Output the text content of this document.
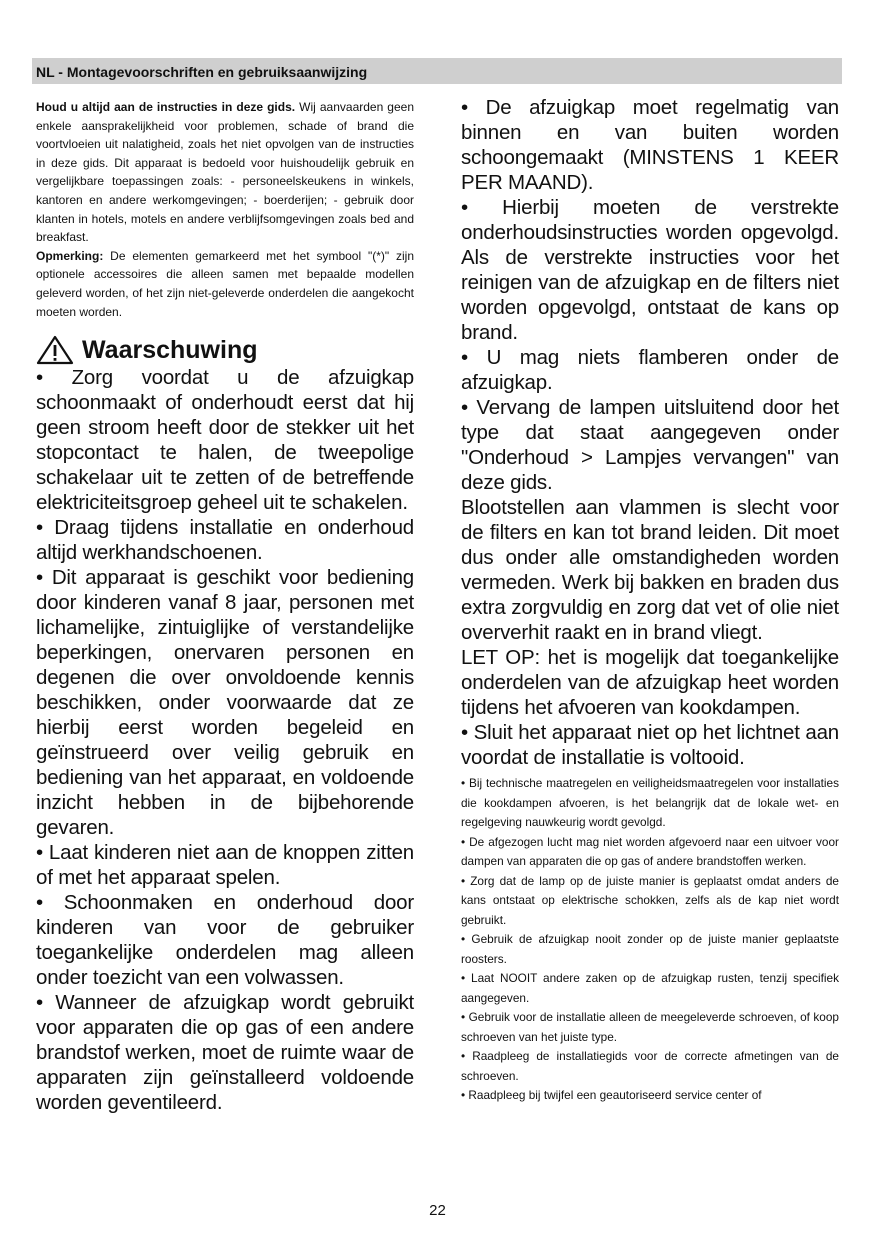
NL - Montagevoorschriften en gebruiksaanwijzing

Houd u altijd aan de instructies in deze gids. Wij aanvaarden geen enkele aansprakelijkheid voor problemen, schade of brand die voortvloeien uit nalatigheid, zoals het niet opvolgen van de instructies in deze gids. Dit apparaat is bedoeld voor huishoudelijk gebruik en vergelijkbare toepassingen zoals: - personeelskeukens in winkels, kantoren en andere werkomgevingen; - boerderijen; - gebruik door klanten in hotels, motels en andere verblijfsomgevingen zoals bed and breakfast.

Opmerking: De elementen gemarkeerd met het symbool "(*)" zijn optionele accessoires die alleen samen met bepaalde modellen geleverd worden, of het zijn niet-geleverde onderdelen die aangekocht moeten worden.

Waarschuwing

• Zorg voordat u de afzuigkap schoonmaakt of onderhoudt eerst dat hij geen stroom heeft door de stekker uit het stopcontact te halen, de tweepolige schakelaar uit te zetten of de betreffende elektriciteitsgroep geheel uit te schakelen.

• Draag tijdens installatie en onderhoud altijd werkhandschoenen.

• Dit apparaat is geschikt voor bediening door kinderen vanaf 8 jaar, personen met lichamelijke, zintuiglijke of verstandelijke beperkingen, onervaren personen en degenen die over onvoldoende kennis beschikken, onder voorwaarde dat ze hierbij eerst worden begeleid en geïnstrueerd over veilig gebruik en bediening van het apparaat, en voldoende inzicht hebben in de bijbehorende gevaren.

• Laat kinderen niet aan de knoppen zitten of met het apparaat spelen.

• Schoonmaken en onderhoud door kinderen van voor de gebruiker toegankelijke onderdelen mag alleen onder toezicht van een volwassen.

• Wanneer de afzuigkap wordt gebruikt voor apparaten die op gas of een andere brandstof werken, moet de ruimte waar de apparaten zijn geïnstalleerd voldoende worden geventileerd.

• De afzuigkap moet regelmatig van binnen en van buiten worden schoongemaakt (MINSTENS 1 KEER PER MAAND).

• Hierbij moeten de verstrekte onderhoudsinstructies worden opgevolgd. Als de verstrekte instructies voor het reinigen van de afzuigkap en de filters niet worden opgevolgd, ontstaat de kans op brand.

• U mag niets flamberen onder de afzuigkap.

• Vervang de lampen uitsluitend door het type dat staat aangegeven onder "Onderhoud > Lampjes vervangen" van deze gids.

Blootstellen aan vlammen is slecht voor de filters en kan tot brand leiden. Dit moet dus onder alle omstandigheden worden vermeden. Werk bij bakken en braden dus extra zorgvuldig en zorg dat vet of olie niet oververhit raakt en in brand vliegt.

LET OP: het is mogelijk dat toegankelijke onderdelen van de afzuigkap heet worden tijdens het afvoeren van kookdampen.

• Sluit het apparaat niet op het lichtnet aan voordat de installatie is voltooid.

• Bij technische maatregelen en veiligheidsmaatregelen voor installaties die kookdampen afvoeren, is het belangrijk dat de lokale wet- en regelgeving nauwkeurig wordt gevolgd.

• De afgezogen lucht mag niet worden afgevoerd naar een uitvoer voor dampen van apparaten die op gas of andere brandstoffen werken.

• Zorg dat de lamp op de juiste manier is geplaatst omdat anders de kans ontstaat op elektrische schokken, zelfs als de kap niet wordt gebruikt.

• Gebruik de afzuigkap nooit zonder op de juiste manier geplaatste roosters.

• Laat NOOIT andere zaken op de afzuigkap rusten, tenzij specifiek aangegeven.

• Gebruik voor de installatie alleen de meegeleverde schroeven, of koop schroeven van het juiste type.

• Raadpleeg de installatiegids voor de correcte afmetingen van de schroeven.

• Raadpleeg bij twijfel een geautoriseerd service center of

22
